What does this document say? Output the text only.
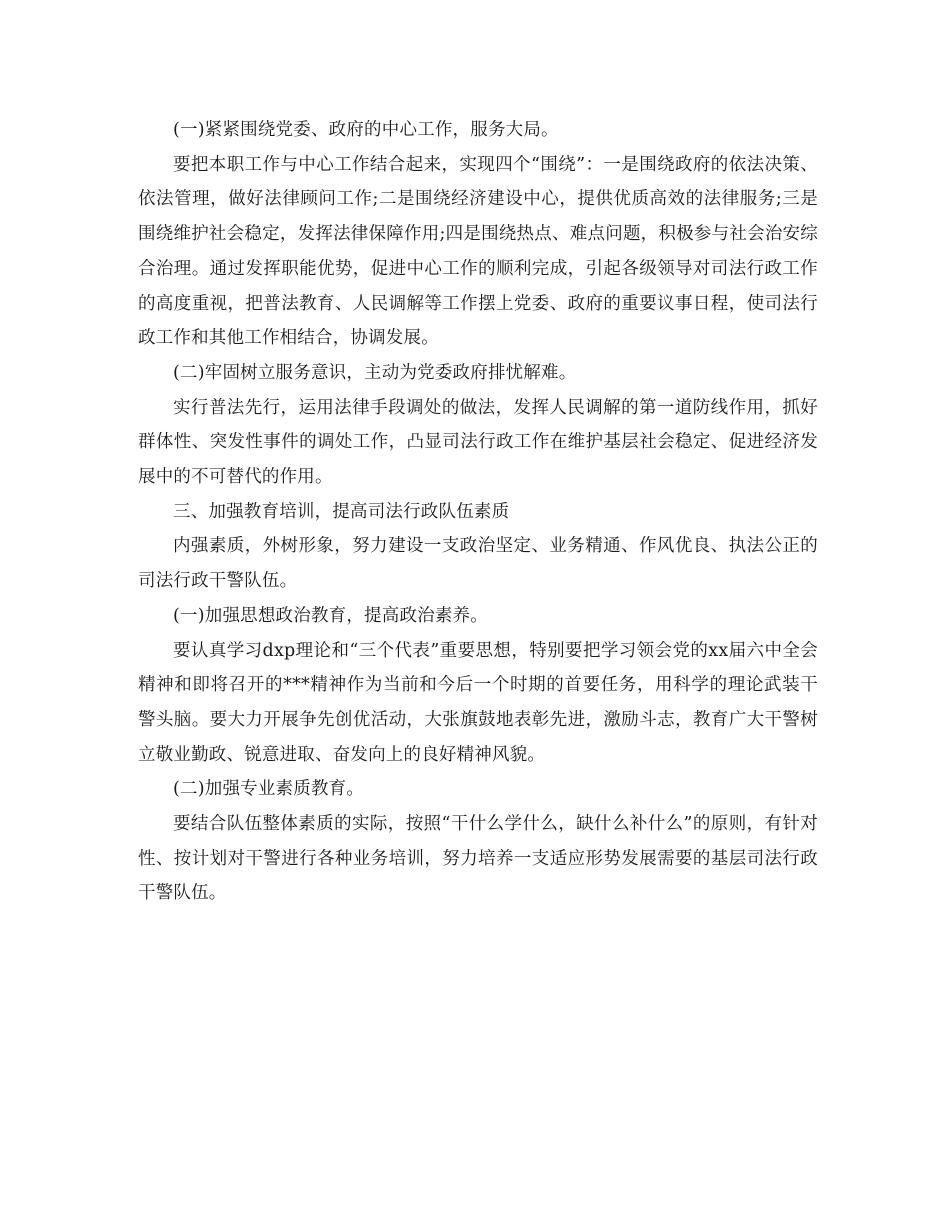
(一)紧紧围绕党委、政府的中心工作，服务大局。

要把本职工作与中心工作结合起来，实现四个“围绕”：一是围绕政府的依法决策、依法管理，做好法律顾问工作;二是围绕经济建设中心，提供优质高效的法律服务;三是围绕维护社会稳定，发挥法律保障作用;四是围绕热点、难点问题，积极参与社会治安综合治理。通过发挥职能优势，促进中心工作的顺利完成，引起各级领导对司法行政工作的高度重视，把普法教育、人民调解等工作摆上党委、政府的重要议事日程，使司法行政工作和其他工作相结合，协调发展。

(二)牢固树立服务意识，主动为党委政府排忧解难。

实行普法先行，运用法律手段调处的做法，发挥人民调解的第一道防线作用，抓好群体性、突发性事件的调处工作，凸显司法行政工作在维护基层社会稳定、促进经济发展中的不可替代的作用。

三、加强教育培训，提高司法行政队伍素质

内强素质，外树形象，努力建设一支政治坚定、业务精通、作风优良、执法公正的司法行政干警队伍。

(一)加强思想政治教育，提高政治素养。

要认真学习dxp理论和“三个代表”重要思想，特别要把学习领会党的xx届六中全会精神和即将召开的***精神作为当前和今后一个时期的首要任务，用科学的理论武装干警头脑。要大力开展争先创优活动，大张旗鼓地表彰先进，激励斗志，教育广大干警树立敬业勤政、锐意进取、奋发向上的良好精神风貌。

(二)加强专业素质教育。

要结合队伍整体素质的实际，按照“干什么学什么，缺什么补什么”的原则，有针对性、按计划对干警进行各种业务培训，努力培养一支适应形势发展需要的基层司法行政干警队伍。
